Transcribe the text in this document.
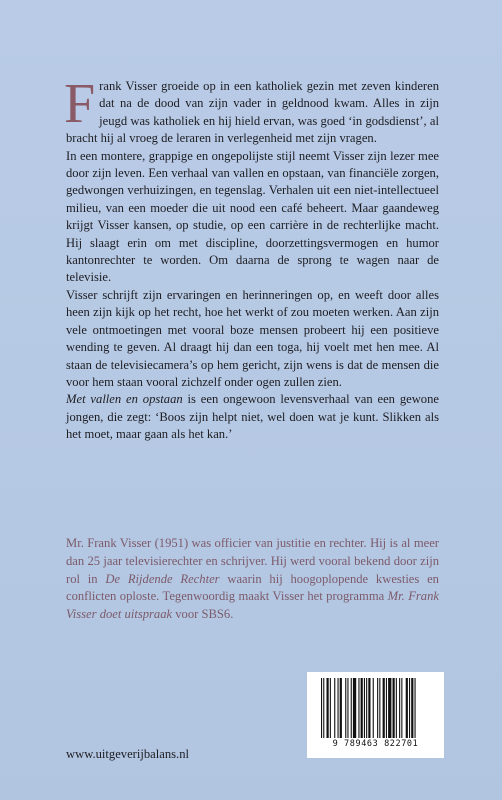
Frank Visser groeide op in een katholiek gezin met zeven kinderen dat na de dood van zijn vader in geldnood kwam. Alles in zijn jeugd was katholiek en hij hield ervan, was goed ‘in godsdienst’, al bracht hij al vroeg de leraren in verlegenheid met zijn vragen.

In een montere, grappige en ongepolijste stijl neemt Visser zijn lezer mee door zijn leven. Een verhaal van vallen en opstaan, van financiële zorgen, gedwongen verhuizingen, en tegenslag. Verhalen uit een niet-intellectueel milieu, van een moeder die uit nood een café beheert. Maar gaandeweg krijgt Visser kansen, op studie, op een carrière in de rechterlijke macht. Hij slaagt erin om met discipline, doorzettingsvermogen en humor kantonrechter te worden. Om daarna de sprong te wagen naar de televisie.

Visser schrijft zijn ervaringen en herinneringen op, en weeft door alles heen zijn kijk op het recht, hoe het werkt of zou moeten werken. Aan zijn vele ontmoetingen met vooral boze mensen probeert hij een positieve wending te geven. Al draagt hij dan een toga, hij voelt met hen mee. Al staan de televisiecamera’s op hem gericht, zijn wens is dat de mensen die voor hem staan vooral zichzelf onder ogen zullen zien.

Met vallen en opstaan is een ongewoon levensverhaal van een gewone jongen, die zegt: ‘Boos zijn helpt niet, wel doen wat je kunt. Slikken als het moet, maar gaan als het kan.’

Mr. Frank Visser (1951) was officier van justitie en rechter. Hij is al meer dan 25 jaar televisierechter en schrijver. Hij werd vooral bekend door zijn rol in De Rijdende Rechter waarin hij hoogoplopende kwesties en conflicten oploste. Tegenwoordig maakt Visser het programma Mr. Frank Visser doet uitspraak voor SBS6.

9 789463 822701
www.uitgeverijbalans.nl
